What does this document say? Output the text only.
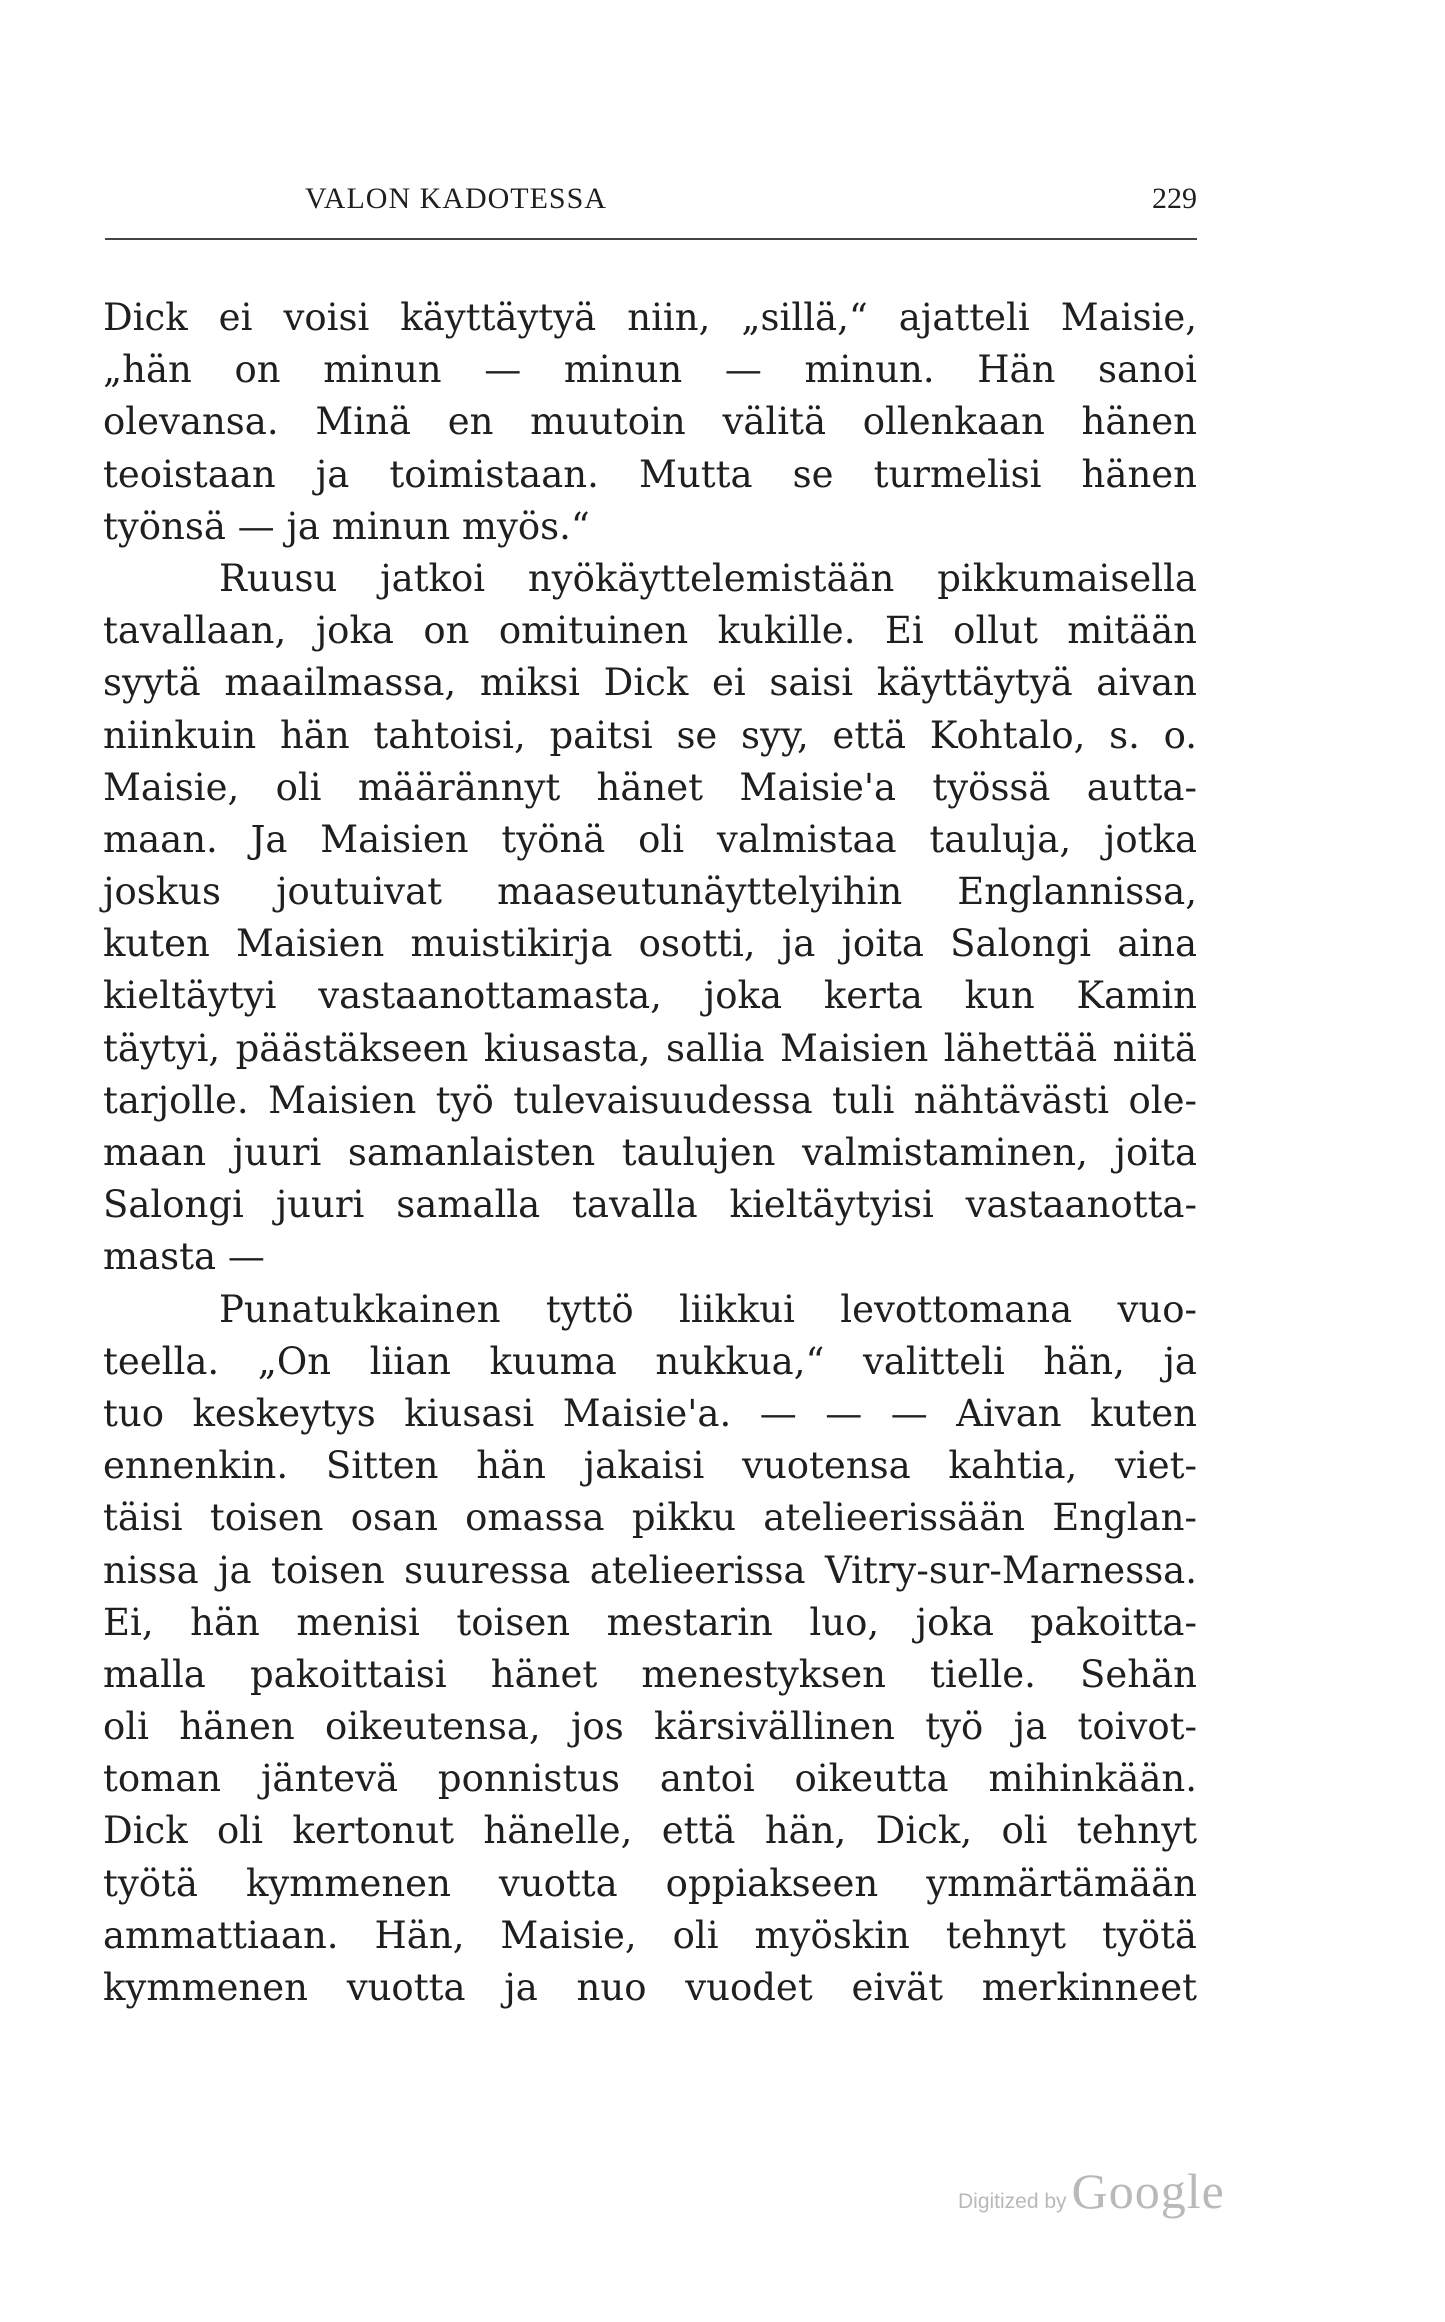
VALON KADOTESSA	229
Dick ei voisi käyttäytyä niin, „sillä,“ ajatteli Maisie,
„hän on minun — minun — minun. Hän sanoi
olevansa. Minä en muutoin välitä ollenkaan hänen
teoistaan ja toimistaan. Mutta se turmelisi hänen
työnsä — ja minun myös.“
Ruusu jatkoi nyökäyttelemistään pikkumaisella
tavallaan, joka on omituinen kukille. Ei ollut mitään
syytä maailmassa, miksi Dick ei saisi käyttäytyä aivan
niinkuin hän tahtoisi, paitsi se syy, että Kohtalo, s. o.
Maisie, oli määrännyt hänet Maisie'a työssä autta-
maan. Ja Maisien työnä oli valmistaa tauluja, jotka
joskus joutuivat maaseutunäyttelyihin Englannissa,
kuten Maisien muistikirja osotti, ja joita Salongi aina
kieltäytyi vastaanottamasta, joka kerta kun Kamin
täytyi, päästäkseen kiusasta, sallia Maisien lähettää niitä
tarjolle. Maisien työ tulevaisuudessa tuli nähtävästi ole-
maan juuri samanlaisten taulujen valmistaminen, joita
Salongi juuri samalla tavalla kieltäytyisi vastaanotta-
masta —
Punatukkainen tyttö liikkui levottomana vuo-
teella. „On liian kuuma nukkua,“ valitteli hän, ja
tuo keskeytys kiusasi Maisie'a. — — — Aivan kuten
ennenkin. Sitten hän jakaisi vuotensa kahtia, viet-
täisi toisen osan omassa pikku ateliеerissään Englan-
nissa ja toisen suuressa atelieerissa Vitry-sur-Marnessa.
Ei, hän menisi toisen mestarin luo, joka pakoitta-
malla pakoittaisi hänet menestyksen tielle. Sehän
oli hänen oikeutensa, jos kärsivällinen työ ja toivot-
toman jäntevä ponnistus antoi oikeutta mihinkään.
Dick oli kertonut hänelle, että hän, Dick, oli tehnyt
työtä kymmenen vuotta oppiakseen ymmärtämään
ammattiaan. Hän, Maisie, oli myöskin tehnyt työtä
kymmenen vuotta ja nuo vuodet eivät merkinneet
Digitized by Google
